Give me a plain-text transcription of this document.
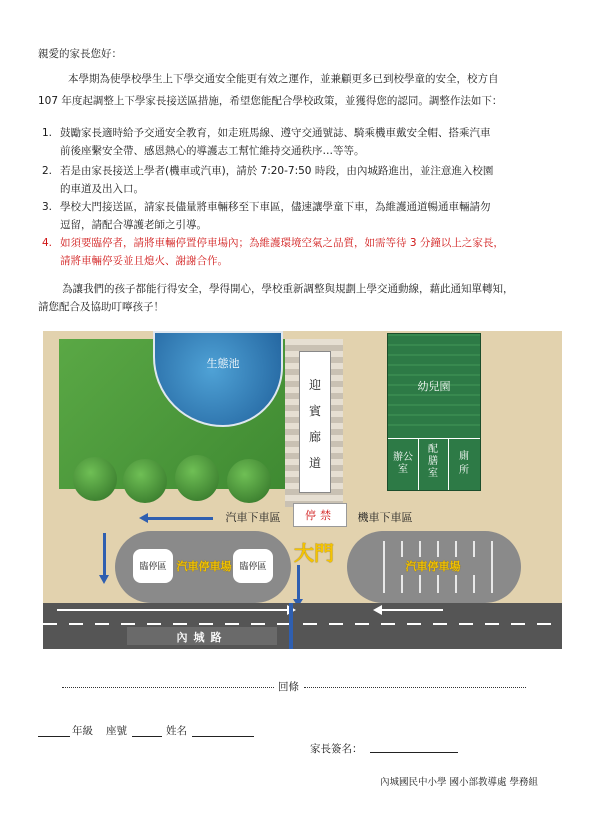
親愛的家長您好：
本學期為使學校學生上下學交通安全能更有效之運作，並兼顧更多已到校學童的安全，校方自
107 年度起調整上下學家長接送區措施，希望您能配合學校政策，並獲得您的認同。調整作法如下：
1. 鼓勵家長適時給予交通安全教育，如走班馬線、遵守交通號誌、騎乘機車戴安全帽、搭乘汽車
前後座繫安全帶、感恩熱心的導護志工幫忙維持交通秩序…等等。
2. 若是由家長接送上學者(機車或汽車)，請於 7:20-7:50 時段，由內城路進出，並注意進入校園
的車道及出入口。
3. 學校大門接送區，請家長儘量將車輛移至下車區，儘速讓學童下車，為維護通道暢通車輛請勿
逗留，請配合導護老師之引導。
4. 如須要臨停者，請將車輛停置停車場內；為維護環境空氣之品質，如需等待 3 分鐘以上之家長，
請將車輛停妥並且熄火、謝謝合作。
為讓我們的孩子都能行得安全，學得開心，學校重新調整與規劃上學交通動線，藉此通知單轉知，
請您配合及協助叮嚀孩子！
生態池
迎
賓
廊
道
幼兒園
辦公
室
配
膳
室
廁
所
汽車下車區	停禁	機車下車區
臨停區 汽車停車場 臨停區
大門
汽車停車場
內城路
回條
年級 座號	姓名
家長簽名：
內城國民中小學 國小部教導處 學務組
